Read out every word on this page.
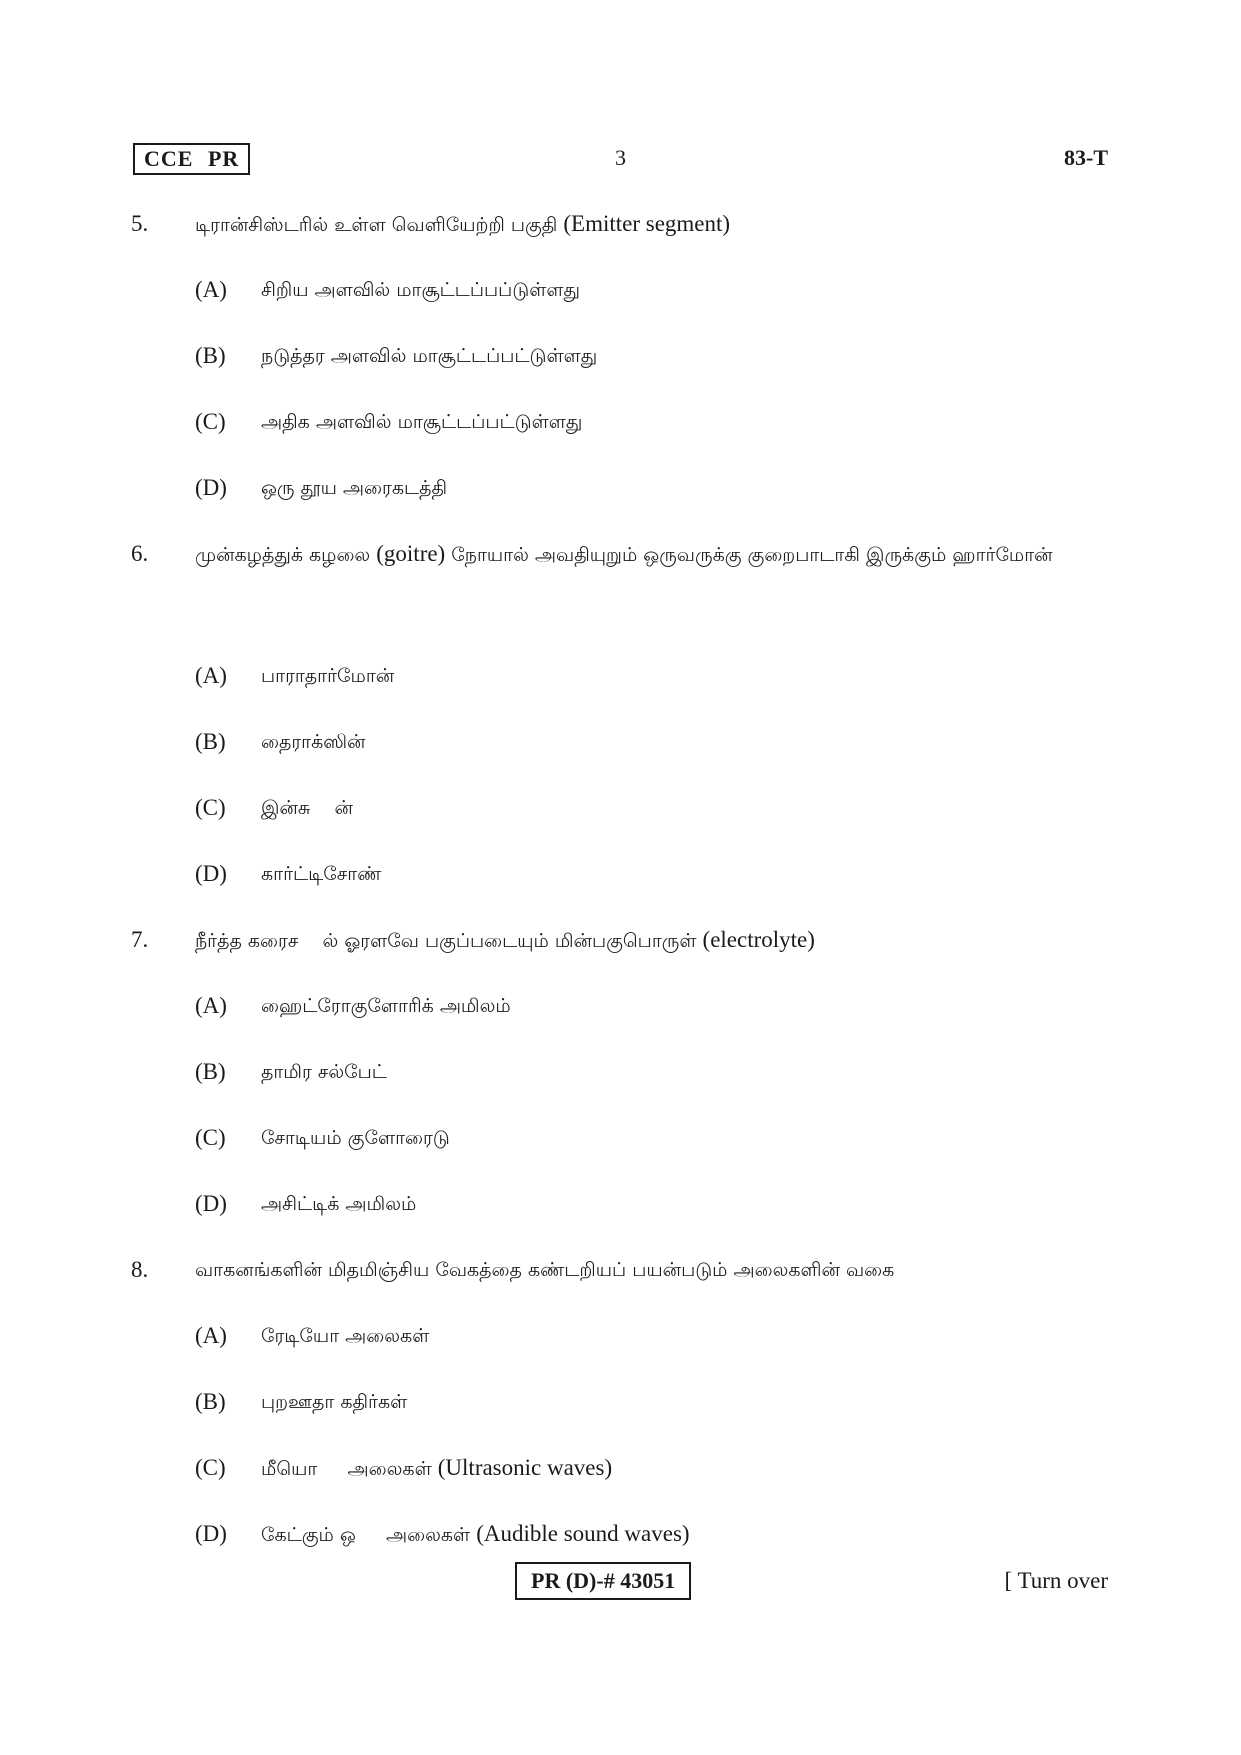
CCE PR	3	83-T
5. டிரான்சிஸ்டரில் உள்ள வெளியேற்றி பகுதி (Emitter segment)
(A) சிறிய அளவில் மாசூட்டப்பப்டுள்ளது
(B) நடுத்தர அளவில் மாசூட்டப்பட்டுள்ளது
(C) அதிக அளவில் மாசூட்டப்பட்டுள்ளது
(D) ஒரு தூய அரைகடத்தி
6. முன்கழத்துக் கழலை (goitre) நோயால் அவதியுறும் ஒருவருக்கு குறைபாடாகி இருக்கும் ஹார்மோன்
(A) பாராதார்மோன்
(B) தைராக்ஸின்
(C) இன்சு    ன்
(D) கார்ட்டிசோண்
7. நீர்த்த கரைச    ல் ஓரளவே பகுப்படையும் மின்பகுபொருள் (electrolyte)
(A) ஹைட்ரோகுளோரிக் அமிலம்
(B) தாமிர சல்பேட்
(C) சோடியம் குளோரைடு
(D) அசிட்டிக் அமிலம்
8. வாகனங்களின் மிதமிஞ்சிய வேகத்தை கண்டறியப் பயன்படும் அலைகளின் வகை
(A) ரேடியோ அலைகள்
(B) புறஊதா கதிர்கள்
(C) மீயொ     அலைகள் (Ultrasonic waves)
(D) கேட்கும் ஒ     அலைகள் (Audible sound waves)
PR (D)-# 43051	[ Turn over
